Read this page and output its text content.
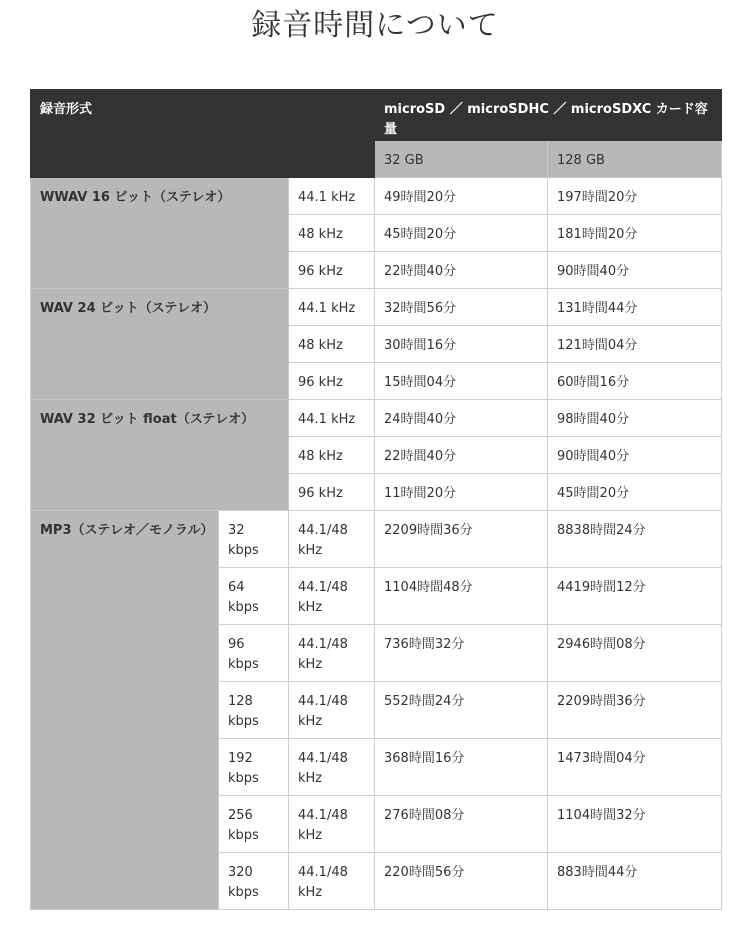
録音時間について
録音形式			microSD ／ microSDHC ／ microSDXC カード容量	
			32 GB	128 GB
WWAV 16 ビット（ステレオ）		44.1 kHz	49時間20分	197時間20分
		48 kHz	45時間20分	181時間20分
		96 kHz	22時間40分	90時間40分
WAV 24 ビット（ステレオ）		44.1 kHz	32時間56分	131時間44分
		48 kHz	30時間16分	121時間04分
		96 kHz	15時間04分	60時間16分
WAV 32 ビット float（ステレオ）		44.1 kHz	24時間40分	98時間40分
		48 kHz	22時間40分	90時間40分
		96 kHz	11時間20分	45時間20分
MP3（ステレオ／モノラル）	32 kbps	44.1/48 kHz	2209時間36分	8838時間24分
	64 kbps	44.1/48 kHz	1104時間48分	4419時間12分
	96 kbps	44.1/48 kHz	736時間32分	2946時間08分
	128 kbps	44.1/48 kHz	552時間24分	2209時間36分
	192 kbps	44.1/48 kHz	368時間16分	1473時間04分
	256 kbps	44.1/48 kHz	276時間08分	1104時間32分
	320 kbps	44.1/48 kHz	220時間56分	883時間44分
